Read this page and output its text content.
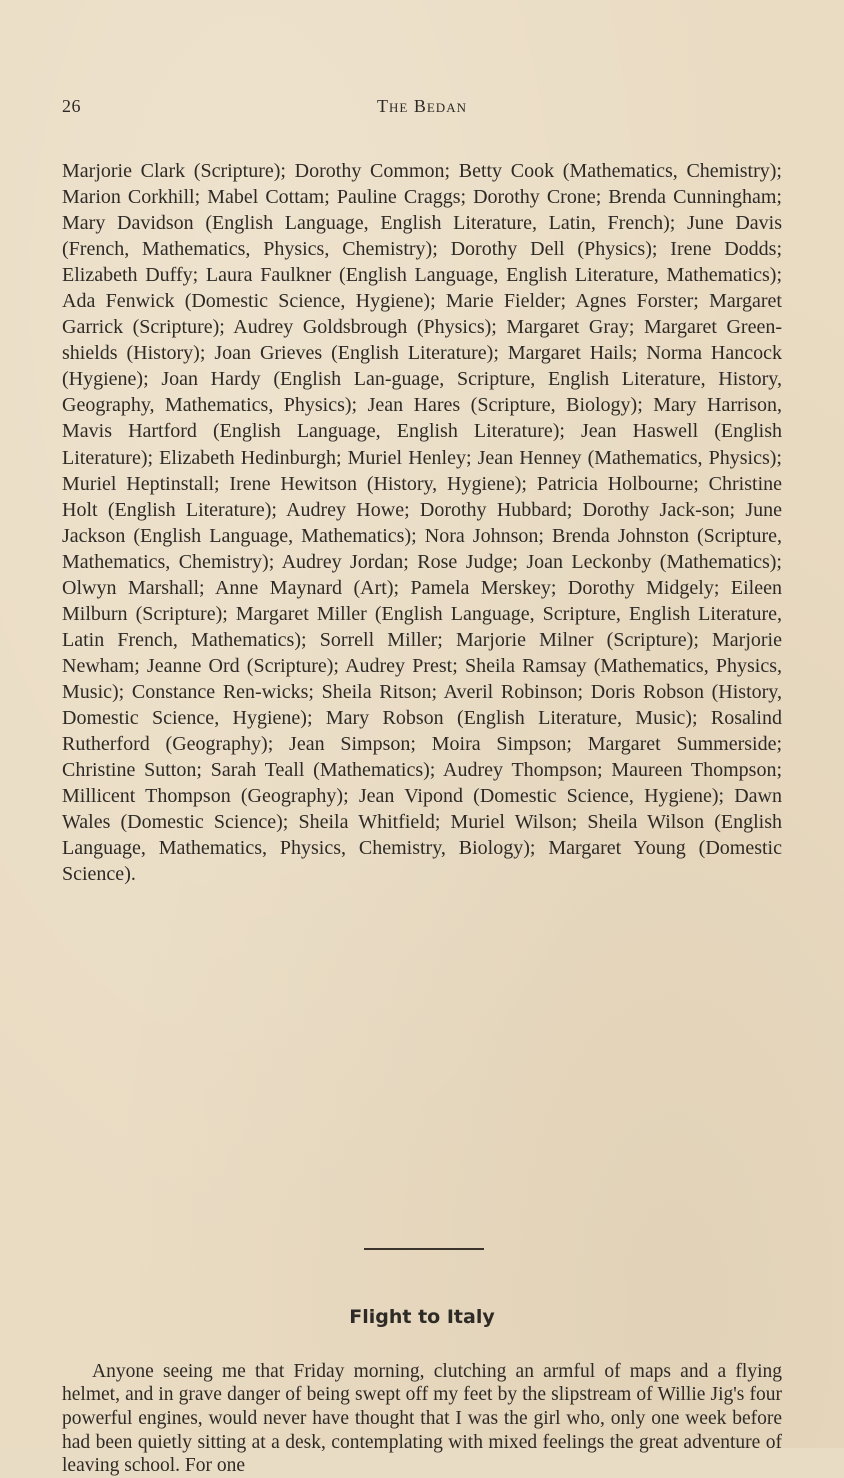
26	The Bedan

Marjorie Clark (Scripture); Dorothy Common; Betty Cook (Mathematics, Chemistry); Marion Corkhill; Mabel Cottam; Pauline Craggs; Dorothy Crone; Brenda Cunningham; Mary Davidson (English Language, English Literature, Latin, French); June Davis (French, Mathematics, Physics, Chemistry); Dorothy Dell (Physics); Irene Dodds; Elizabeth Duffy; Laura Faulkner (English Language, English Literature, Mathematics); Ada Fenwick (Domestic Science, Hygiene); Marie Fielder; Agnes Forster; Margaret Garrick (Scripture); Audrey Goldsbrough (Physics); Margaret Gray; Margaret Green-shields (History); Joan Grieves (English Literature); Margaret Hails; Norma Hancock (Hygiene); Joan Hardy (English Lan-guage, Scripture, English Literature, History, Geography, Mathematics, Physics); Jean Hares (Scripture, Biology); Mary Harrison, Mavis Hartford (English Language, English Literature); Jean Haswell (English Literature); Elizabeth Hedinburgh; Muriel Henley; Jean Henney (Mathematics, Physics); Muriel Heptinstall; Irene Hewitson (History, Hygiene); Patricia Holbourne; Christine Holt (English Literature); Audrey Howe; Dorothy Hubbard; Dorothy Jack-son; June Jackson (English Language, Mathematics); Nora Johnson; Brenda Johnston (Scripture, Mathematics, Chemistry); Audrey Jordan; Rose Judge; Joan Leckonby (Mathematics); Olwyn Marshall; Anne Maynard (Art); Pamela Merskey; Dorothy Midgely; Eileen Milburn (Scripture); Margaret Miller (English Language, Scripture, English Literature, Latin French, Mathematics); Sorrell Miller; Marjorie Milner (Scripture); Marjorie Newham; Jeanne Ord (Scripture); Audrey Prest; Sheila Ramsay (Mathematics, Physics, Music); Constance Ren-wicks; Sheila Ritson; Averil Robinson; Doris Robson (History, Domestic Science, Hygiene); Mary Robson (English Literature, Music); Rosalind Rutherford (Geography); Jean Simpson; Moira Simpson; Margaret Summerside; Christine Sutton; Sarah Teall (Mathematics); Audrey Thompson; Maureen Thompson; Millicent Thompson (Geography); Jean Vipond (Domestic Science, Hygiene); Dawn Wales (Domestic Science); Sheila Whitfield; Muriel Wilson; Sheila Wilson (English Language, Mathematics, Physics, Chemistry, Biology); Margaret Young (Domestic Science).

Flight to Italy

Anyone seeing me that Friday morning, clutching an armful of maps and a flying helmet, and in grave danger of being swept off my feet by the slipstream of Willie Jig's four powerful engines, would never have thought that I was the girl who, only one week before had been quietly sitting at a desk, contemplating with mixed feelings the great adventure of leaving school. For one
